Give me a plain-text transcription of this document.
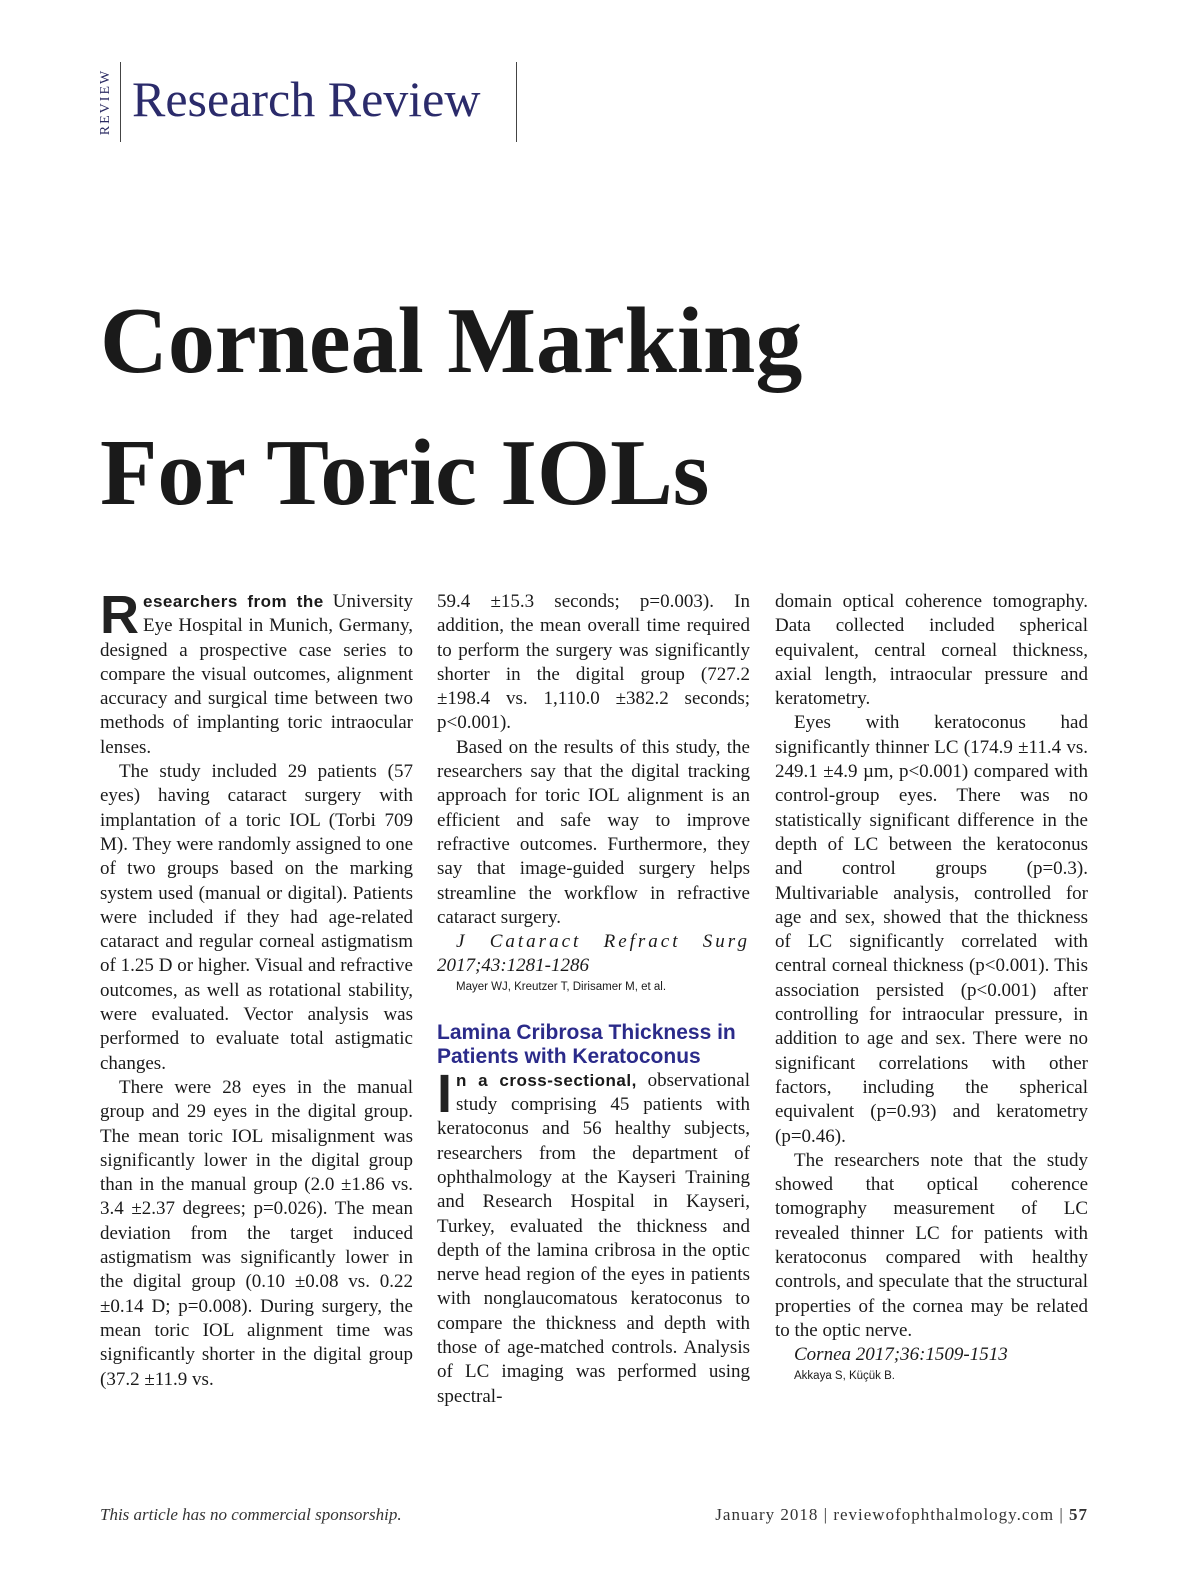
REVIEW Research Review
Corneal Marking
For Toric IOLs

Researchers from the University Eye Hospital in Munich, Germany, designed a prospective case series to compare the visual outcomes, alignment accuracy and surgical time between two methods of implanting toric intraocular lenses.

The study included 29 patients (57 eyes) having cataract surgery with implantation of a toric IOL (Torbi 709 M). They were randomly assigned to one of two groups based on the marking system used (manual or digital). Patients were included if they had age-related cataract and regular corneal astigmatism of 1.25 D or higher. Visual and refractive outcomes, as well as rotational stability, were evaluated. Vector analysis was performed to evaluate total astigmatic changes.

There were 28 eyes in the manual group and 29 eyes in the digital group. The mean toric IOL misalignment was significantly lower in the digital group than in the manual group (2.0 ±1.86 vs. 3.4 ±2.37 degrees; p=0.026). The mean deviation from the target induced astigmatism was significantly lower in the digital group (0.10 ±0.08 vs. 0.22 ±0.14 D; p=0.008). During surgery, the mean toric IOL alignment time was significantly shorter in the digital group (37.2 ±11.9 vs.

59.4 ±15.3 seconds; p=0.003). In addition, the mean overall time required to perform the surgery was significantly shorter in the digital group (727.2 ±198.4 vs. 1,110.0 ±382.2 seconds; p<0.001).

Based on the results of this study, the researchers say that the digital tracking approach for toric IOL alignment is an efficient and safe way to improve refractive outcomes. Furthermore, they say that image-guided surgery helps streamline the workflow in refractive cataract surgery.

J Cataract Refract Surg

2017;43:1281-1286

Mayer WJ, Kreutzer T, Dirisamer M, et al.

Lamina Cribrosa Thickness in Patients with Keratoconus

In a cross-sectional, observational study comprising 45 patients with keratoconus and 56 healthy subjects, researchers from the department of ophthalmology at the Kayseri Training and Research Hospital in Kayseri, Turkey, evaluated the thickness and depth of the lamina cribrosa in the optic nerve head region of the eyes in patients with nonglaucomatous keratoconus to compare the thickness and depth with those of age-matched controls. Analysis of LC imaging was performed using spectral-

domain optical coherence tomography. Data collected included spherical equivalent, central corneal thickness, axial length, intraocular pressure and keratometry.

Eyes with keratoconus had significantly thinner LC (174.9 ±11.4 vs. 249.1 ±4.9 µm, p<0.001) compared with control-group eyes. There was no statistically significant difference in the depth of LC between the keratoconus and control groups (p=0.3). Multivariable analysis, controlled for age and sex, showed that the thickness of LC significantly correlated with central corneal thickness (p<0.001). This association persisted (p<0.001) after controlling for intraocular pressure, in addition to age and sex. There were no significant correlations with other factors, including the spherical equivalent (p=0.93) and keratometry (p=0.46).

The researchers note that the study showed that optical coherence tomography measurement of LC revealed thinner LC for patients with keratoconus compared with healthy controls, and speculate that the structural properties of the cornea may be related to the optic nerve.

Cornea 2017;36:1509-1513

Akkaya S, Küçük B.

This article has no commercial sponsorship.	January 2018 | reviewofophthalmology.com | 57
